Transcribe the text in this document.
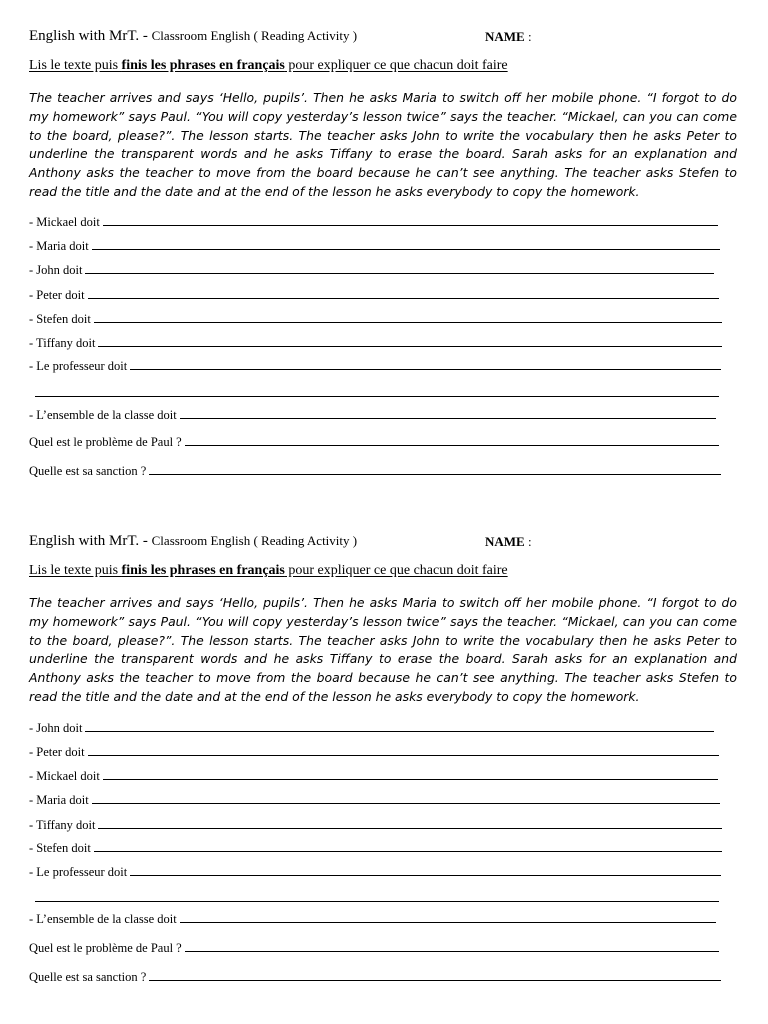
English with MrT. - Classroom English ( Reading Activity )	NAME :
Lis le texte puis finis les phrases en français pour expliquer ce que chacun doit faire

The teacher arrives and says ‘Hello, pupils’. Then he asks Maria to switch off her mobile phone. “I forgot to do my homework” says Paul. “You will copy yesterday’s lesson twice” says the teacher. “Mickael, can you can come to the board, please?”. The lesson starts. The teacher asks John to write the vocabulary then he asks Peter to underline the transparent words and he asks Tiffany to erase the board. Sarah asks for an explanation and Anthony asks the teacher to move from the board because he can’t see anything. The teacher asks Stefen to read the title and the date and at the end of the lesson he asks everybody to copy the homework.

- Mickael doit
- Maria doit
- John doit
- Peter doit
- Stefen doit
- Tiffany doit
- Le professeur doit
- L’ensemble de la classe doit
Quel est le problème de Paul ?
Quelle est sa sanction ?
English with MrT. - Classroom English ( Reading Activity )	NAME :
Lis le texte puis finis les phrases en français pour expliquer ce que chacun doit faire

The teacher arrives and says ‘Hello, pupils’. Then he asks Maria to switch off her mobile phone. “I forgot to do my homework” says Paul. “You will copy yesterday’s lesson twice” says the teacher. “Mickael, can you can come to the board, please?”. The lesson starts. The teacher asks John to write the vocabulary then he asks Peter to underline the transparent words and he asks Tiffany to erase the board. Sarah asks for an explanation and Anthony asks the teacher to move from the board because he can’t see anything. The teacher asks Stefen to read the title and the date and at the end of the lesson he asks everybody to copy the homework.

- John doit
- Peter doit
- Mickael doit
- Maria doit
- Tiffany doit
- Stefen doit
- Le professeur doit
- L’ensemble de la classe doit
Quel est le problème de Paul ?
Quelle est sa sanction ?
